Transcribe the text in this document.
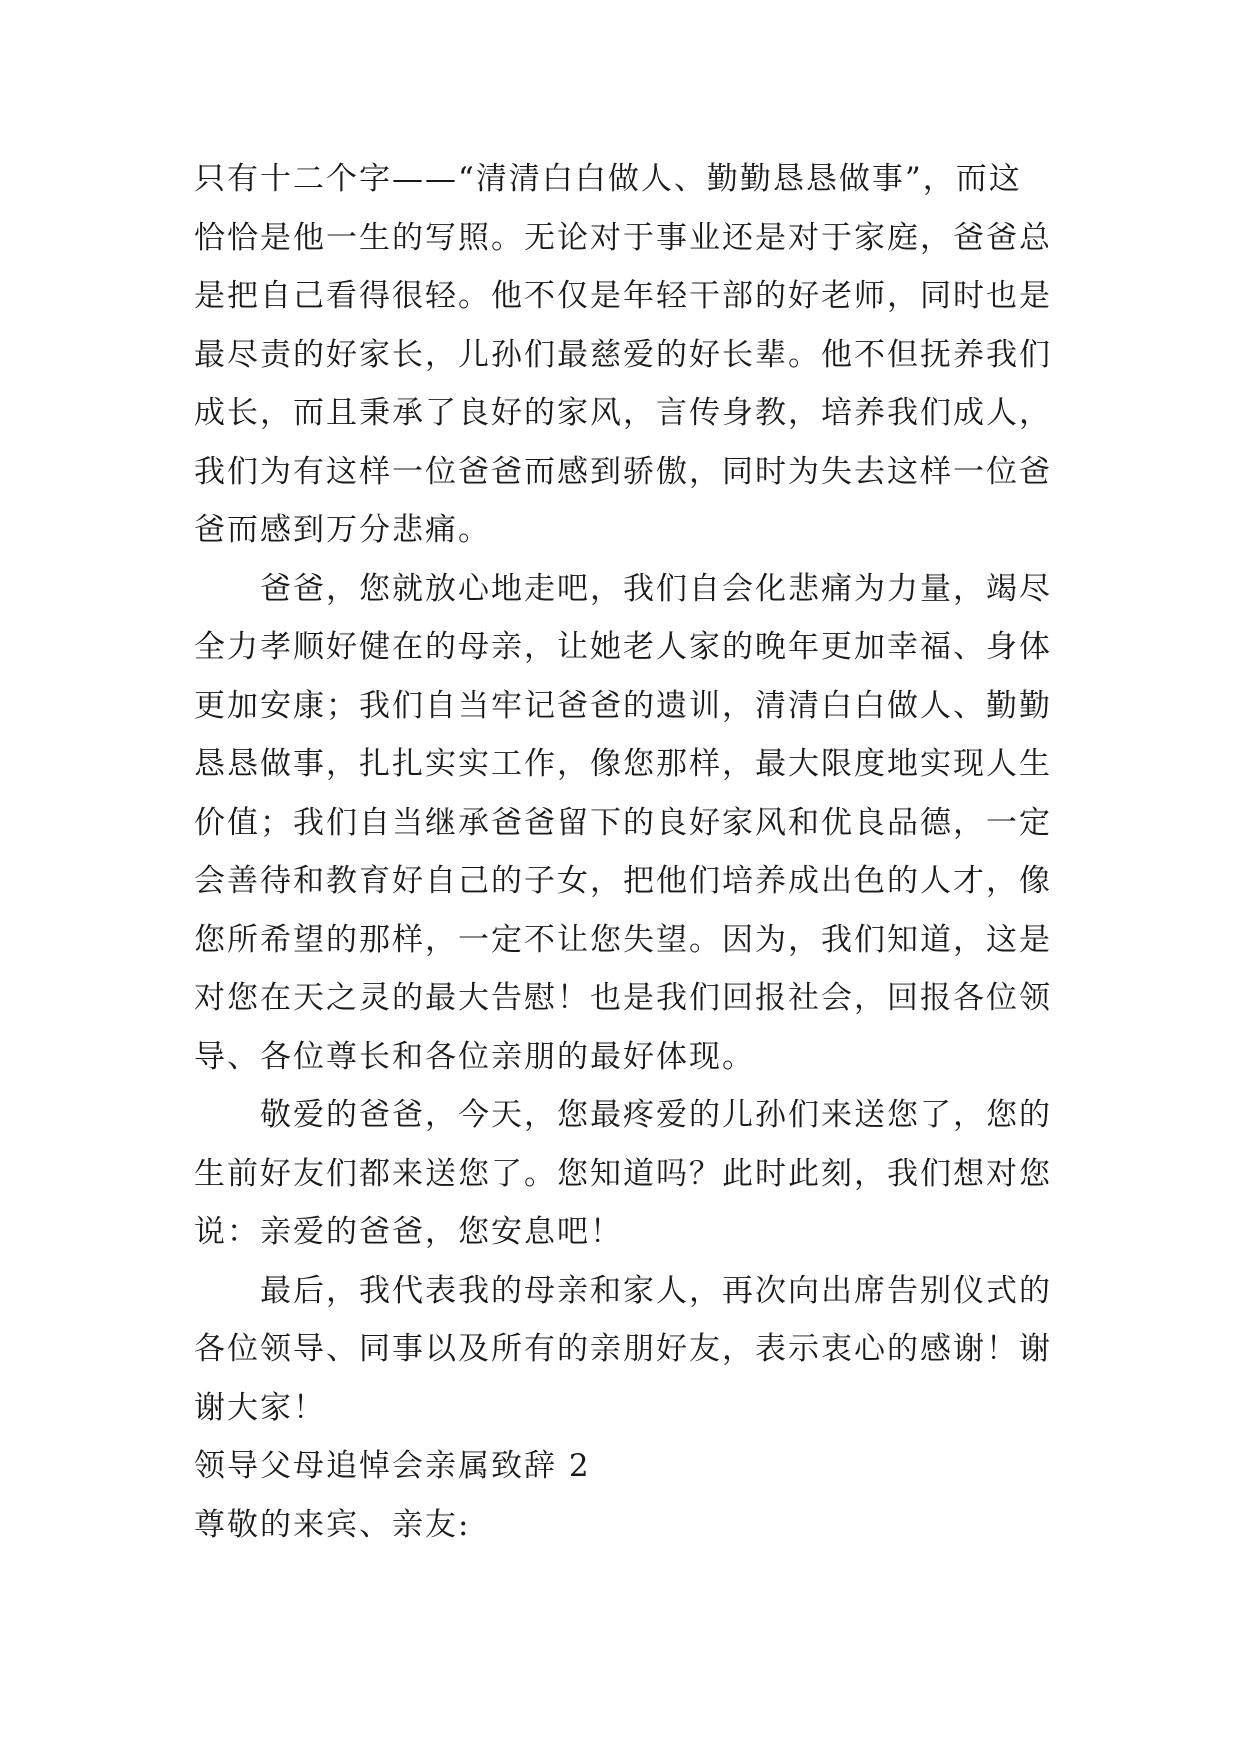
只有十二个字——“清清白白做人、勤勤恳恳做事”，而这
恰恰是他一生的写照。无论对于事业还是对于家庭，爸爸总
是把自己看得很轻。他不仅是年轻干部的好老师，同时也是
最尽责的好家长，儿孙们最慈爱的好长辈。他不但抚养我们
成长，而且秉承了良好的家风，言传身教，培养我们成人，
我们为有这样一位爸爸而感到骄傲，同时为失去这样一位爸
爸而感到万分悲痛。
爸爸，您就放心地走吧，我们自会化悲痛为力量，竭尽
全力孝顺好健在的母亲，让她老人家的晚年更加幸福、身体
更加安康；我们自当牢记爸爸的遗训，清清白白做人、勤勤
恳恳做事，扎扎实实工作，像您那样，最大限度地实现人生
价值；我们自当继承爸爸留下的良好家风和优良品德，一定
会善待和教育好自己的子女，把他们培养成出色的人才，像
您所希望的那样，一定不让您失望。因为，我们知道，这是
对您在天之灵的最大告慰！也是我们回报社会，回报各位领
导、各位尊长和各位亲朋的最好体现。
敬爱的爸爸，今天，您最疼爱的儿孙们来送您了，您的
生前好友们都来送您了。您知道吗？此时此刻，我们想对您
说：亲爱的爸爸，您安息吧！
最后，我代表我的母亲和家人，再次向出席告别仪式的
各位领导、同事以及所有的亲朋好友，表示衷心的感谢！谢
谢大家！
领导父母追悼会亲属致辞 2
尊敬的来宾、亲友:
